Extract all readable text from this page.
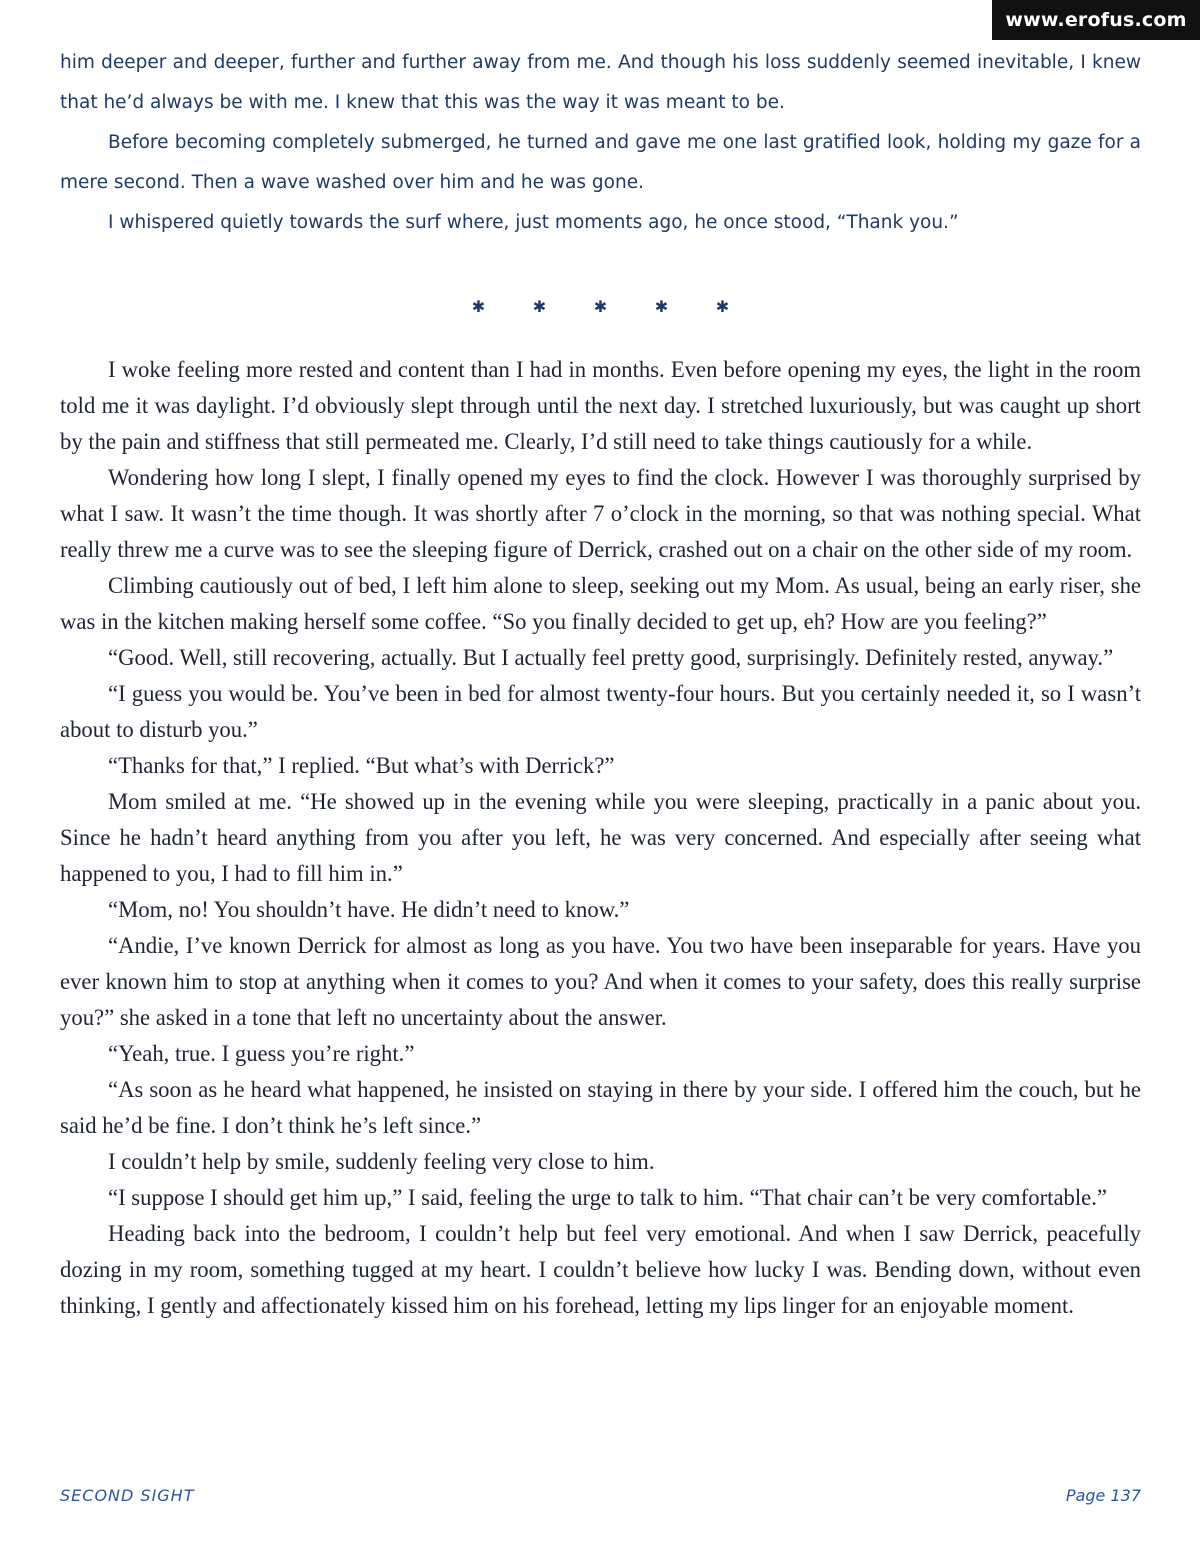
www.erofus.com

him deeper and deeper, further and further away from me. And though his loss suddenly seemed inevitable, I knew that he’d always be with me. I knew that this was the way it was meant to be.

Before becoming completely submerged, he turned and gave me one last gratified look, holding my gaze for a mere second. Then a wave washed over him and he was gone.

I whispered quietly towards the surf where, just moments ago, he once stood, “Thank you.”

✱	✱	✱	✱	✱

I woke feeling more rested and content than I had in months. Even before opening my eyes, the light in the room told me it was daylight. I’d obviously slept through until the next day. I stretched luxuriously, but was caught up short by the pain and stiffness that still permeated me. Clearly, I’d still need to take things cautiously for a while.

Wondering how long I slept, I finally opened my eyes to find the clock. However I was thoroughly surprised by what I saw. It wasn’t the time though. It was shortly after 7 o’clock in the morning, so that was nothing special. What really threw me a curve was to see the sleeping figure of Derrick, crashed out on a chair on the other side of my room.

Climbing cautiously out of bed, I left him alone to sleep, seeking out my Mom. As usual, being an early riser, she was in the kitchen making herself some coffee. “So you finally decided to get up, eh? How are you feeling?”

“Good. Well, still recovering, actually. But I actually feel pretty good, surprisingly. Definitely rested, anyway.”

“I guess you would be. You’ve been in bed for almost twenty-four hours. But you certainly needed it, so I wasn’t about to disturb you.”

“Thanks for that,” I replied. “But what’s with Derrick?”

Mom smiled at me. “He showed up in the evening while you were sleeping, practically in a panic about you. Since he hadn’t heard anything from you after you left, he was very concerned. And especially after seeing what happened to you, I had to fill him in.”

“Mom, no! You shouldn’t have. He didn’t need to know.”

“Andie, I’ve known Derrick for almost as long as you have. You two have been inseparable for years. Have you ever known him to stop at anything when it comes to you? And when it comes to your safety, does this really surprise you?” she asked in a tone that left no uncertainty about the answer.

“Yeah, true. I guess you’re right.”

“As soon as he heard what happened, he insisted on staying in there by your side. I offered him the couch, but he said he’d be fine. I don’t think he’s left since.”

I couldn’t help by smile, suddenly feeling very close to him.

“I suppose I should get him up,” I said, feeling the urge to talk to him. “That chair can’t be very comfortable.”

Heading back into the bedroom, I couldn’t help but feel very emotional. And when I saw Derrick, peacefully dozing in my room, something tugged at my heart. I couldn’t believe how lucky I was. Bending down, without even thinking, I gently and affectionately kissed him on his forehead, letting my lips linger for an enjoyable moment.

SECOND SIGHT	Page 137
